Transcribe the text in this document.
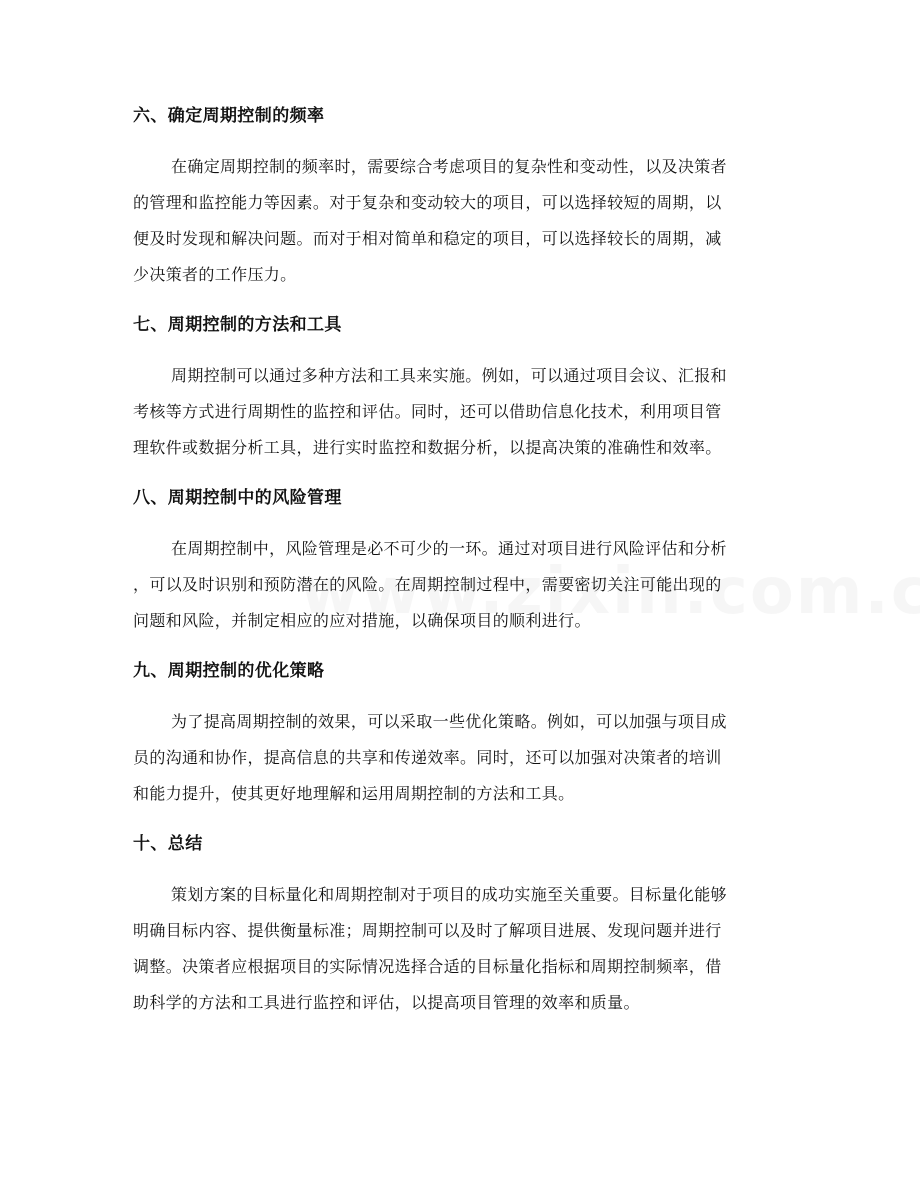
六、确定周期控制的频率
在确定周期控制的频率时，需要综合考虑项目的复杂性和变动性，以及决策者
的管理和监控能力等因素。对于复杂和变动较大的项目，可以选择较短的周期，以
便及时发现和解决问题。而对于相对简单和稳定的项目，可以选择较长的周期，减
少决策者的工作压力。
七、周期控制的方法和工具
周期控制可以通过多种方法和工具来实施。例如，可以通过项目会议、汇报和
考核等方式进行周期性的监控和评估。同时，还可以借助信息化技术，利用项目管
理软件或数据分析工具，进行实时监控和数据分析，以提高决策的准确性和效率。
八、周期控制中的风险管理
在周期控制中，风险管理是必不可少的一环。通过对项目进行风险评估和分析
，可以及时识别和预防潜在的风险。在周期控制过程中，需要密切关注可能出现的
问题和风险，并制定相应的应对措施，以确保项目的顺利进行。
九、周期控制的优化策略
为了提高周期控制的效果，可以采取一些优化策略。例如，可以加强与项目成
员的沟通和协作，提高信息的共享和传递效率。同时，还可以加强对决策者的培训
和能力提升，使其更好地理解和运用周期控制的方法和工具。
十、总结
策划方案的目标量化和周期控制对于项目的成功实施至关重要。目标量化能够
明确目标内容、提供衡量标准；周期控制可以及时了解项目进展、发现问题并进行
调整。决策者应根据项目的实际情况选择合适的目标量化指标和周期控制频率，借
助科学的方法和工具进行监控和评估，以提高项目管理的效率和质量。
